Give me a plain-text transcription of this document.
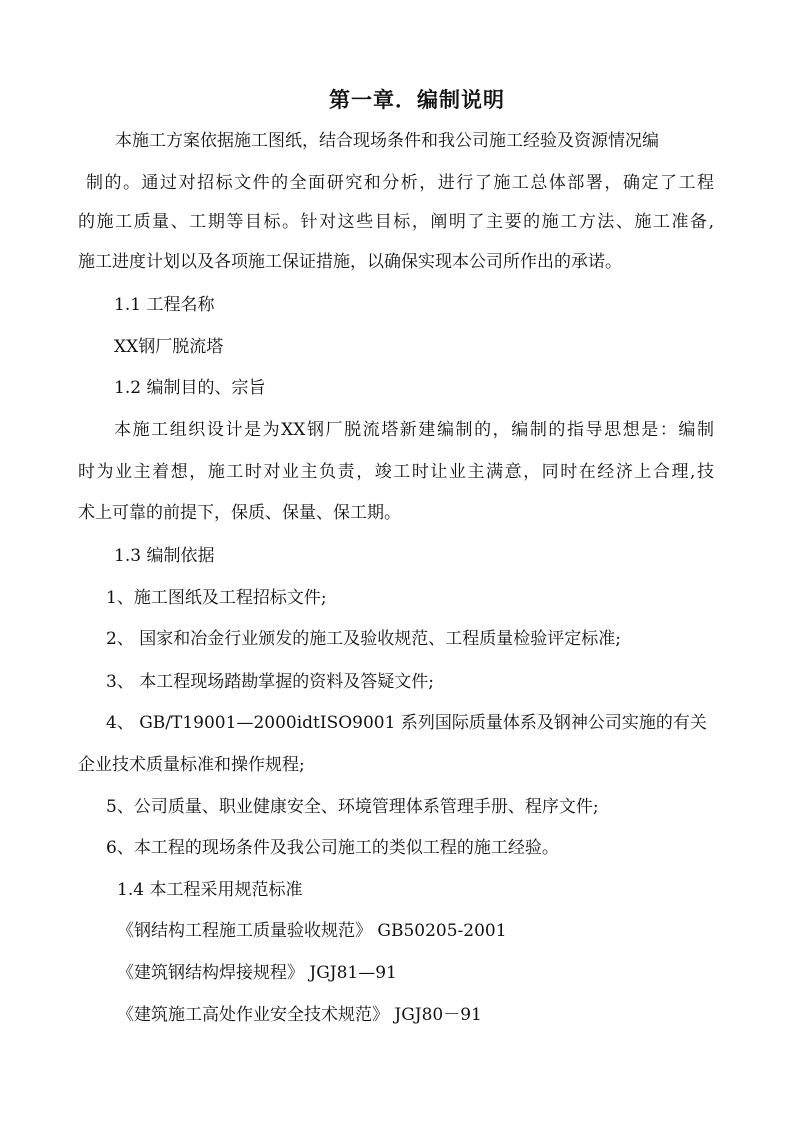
第一章．编制说明

本施工方案依据施工图纸，结合现场条件和我公司施工经验及资源情况编

制的。通过对招标文件的全面研究和分析，进行了施工总体部署，确定了工程

的施工质量、工期等目标。针对这些目标，阐明了主要的施工方法、施工准备,

施工进度计划以及各项施工保证措施，以确保实现本公司所作出的承诺。

1.1 工程名称

XX钢厂脱流塔

1.2 编制目的、宗旨

本施工组织设计是为XX钢厂脱流塔新建编制的，编制的指导思想是：编制

时为业主着想，施工时对业主负责，竣工时让业主满意，同时在经济上合理,技

术上可靠的前提下，保质、保量、保工期。

1.3 编制依据

1、施工图纸及工程招标文件;

2、 国家和冶金行业颁发的施工及验收规范、工程质量检验评定标准;

3、 本工程现场踏勘掌握的资料及答疑文件;

4、 GB/T19001—2000idtISO9001 系列国际质量体系及钢神公司实施的有关

企业技术质量标准和操作规程;

5、公司质量、职业健康安全、环境管理体系管理手册、程序文件;

6、本工程的现场条件及我公司施工的类似工程的施工经验。

1.4 本工程采用规范标准

《钢结构工程施工质量验收规范》 GB50205-2001

《建筑钢结构焊接规程》 JGJ81—91

《建筑施工高处作业安全技术规范》 JGJ80－91
